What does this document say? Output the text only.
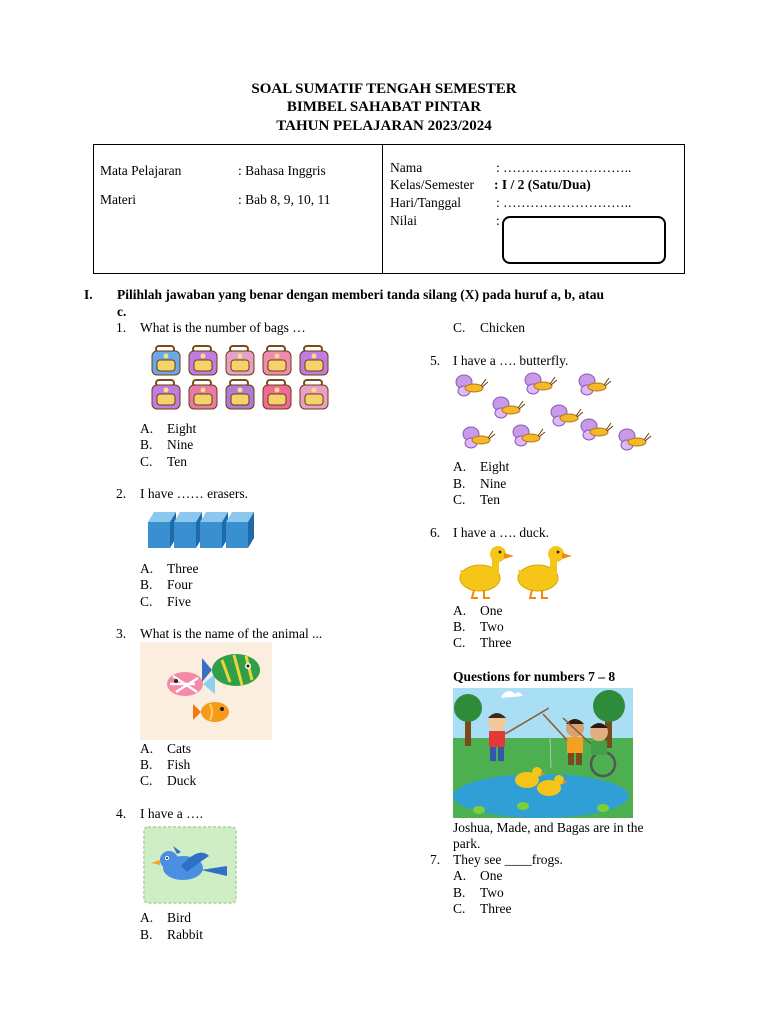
SOAL SUMATIF TENGAH SEMESTER
BIMBEL SAHABAT PINTAR
TAHUN PELAJARAN 2023/2024
Mata Pelajaran	: Bahasa Inggris
Materi	: Bab 8, 9, 10, 11
Nama	: ………………………..
Kelas/Semester : I / 2 (Satu/Dua)
Hari/Tanggal	: ………………………..
Nilai	:
I. Pilihlah jawaban yang benar dengan memberi tanda silang (X) pada huruf a, b, atau
c.
1. What is the number of bags …
A. Eight
B. Nine
C. Ten
2. I have …… erasers.
A. Three
B. Four
C. Five
3. What is the name of the animal ...
A. Cats
B. Fish
C. Duck
4. I have a ….
A. Bird
B. Rabbit
C. Chicken
5. I have a …. butterfly.
A. Eight
B. Nine
C. Ten
6. I have a …. duck.
A. One
B. Two
C. Three
Questions for numbers 7 – 8
Joshua, Made, and Bagas are in the
park.
7. They see ____frogs.
A. One
B. Two
C. Three
